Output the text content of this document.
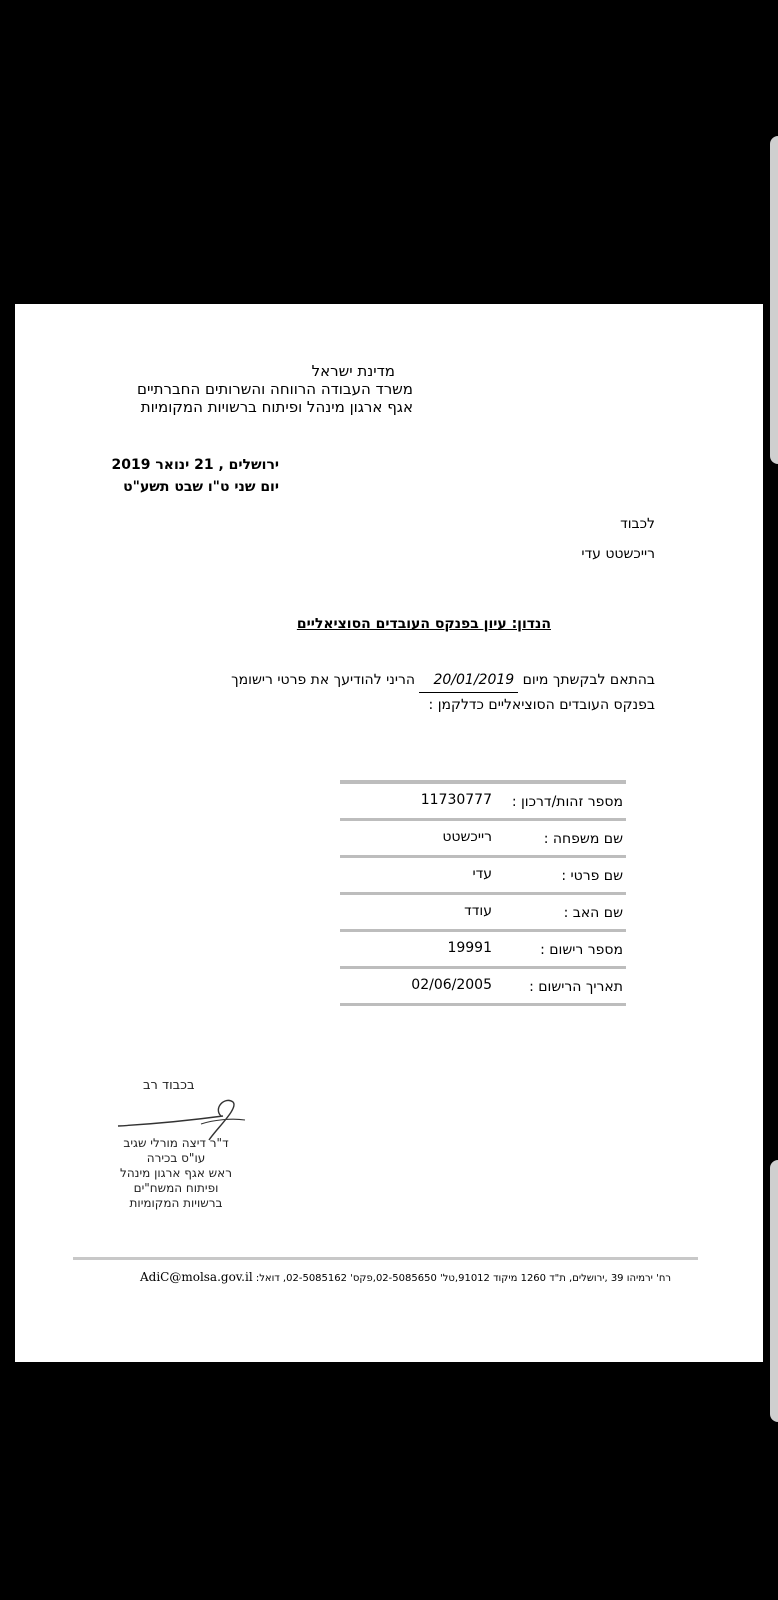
מדינת ישראל
משרד העבודה הרווחה והשרותים החברתיים
אגף ארגון מינהל ופיתוח ברשויות המקומיות
ירושלים , 21 ינואר 2019
יום שני ט"ו שבט תשע"ט
לכבוד
רייכשטט עדי
הנדון: עיון בפנקס העובדים הסוציאליים
בהתאם לבקשתך מיום 20/01/2019 הריני להודיעך את פרטי רישומך
בפנקס העובדים הסוציאליים כדלקמן :
מספר זהות/דרכון :
11730777
שם משפחה :
רייכשטט
שם פרטי :
עדי
שם האב :
עודד
מספר רישום :
19991
תאריך הרישום :
02/06/2005
בכבוד רב
ד"ר דיצה מורלי שגיב
עו"ס בכירה
ראש אגף ארגון מינהל
ופיתוח המשח"ים
ברשויות המקומיות
רח' ירמיהו 39 ,ירושלים, ת"ד 1260 מיקוד 91012,טל' 02-5085650,פקס' 02-5085162, דואל: AdiC@molsa.gov.il
